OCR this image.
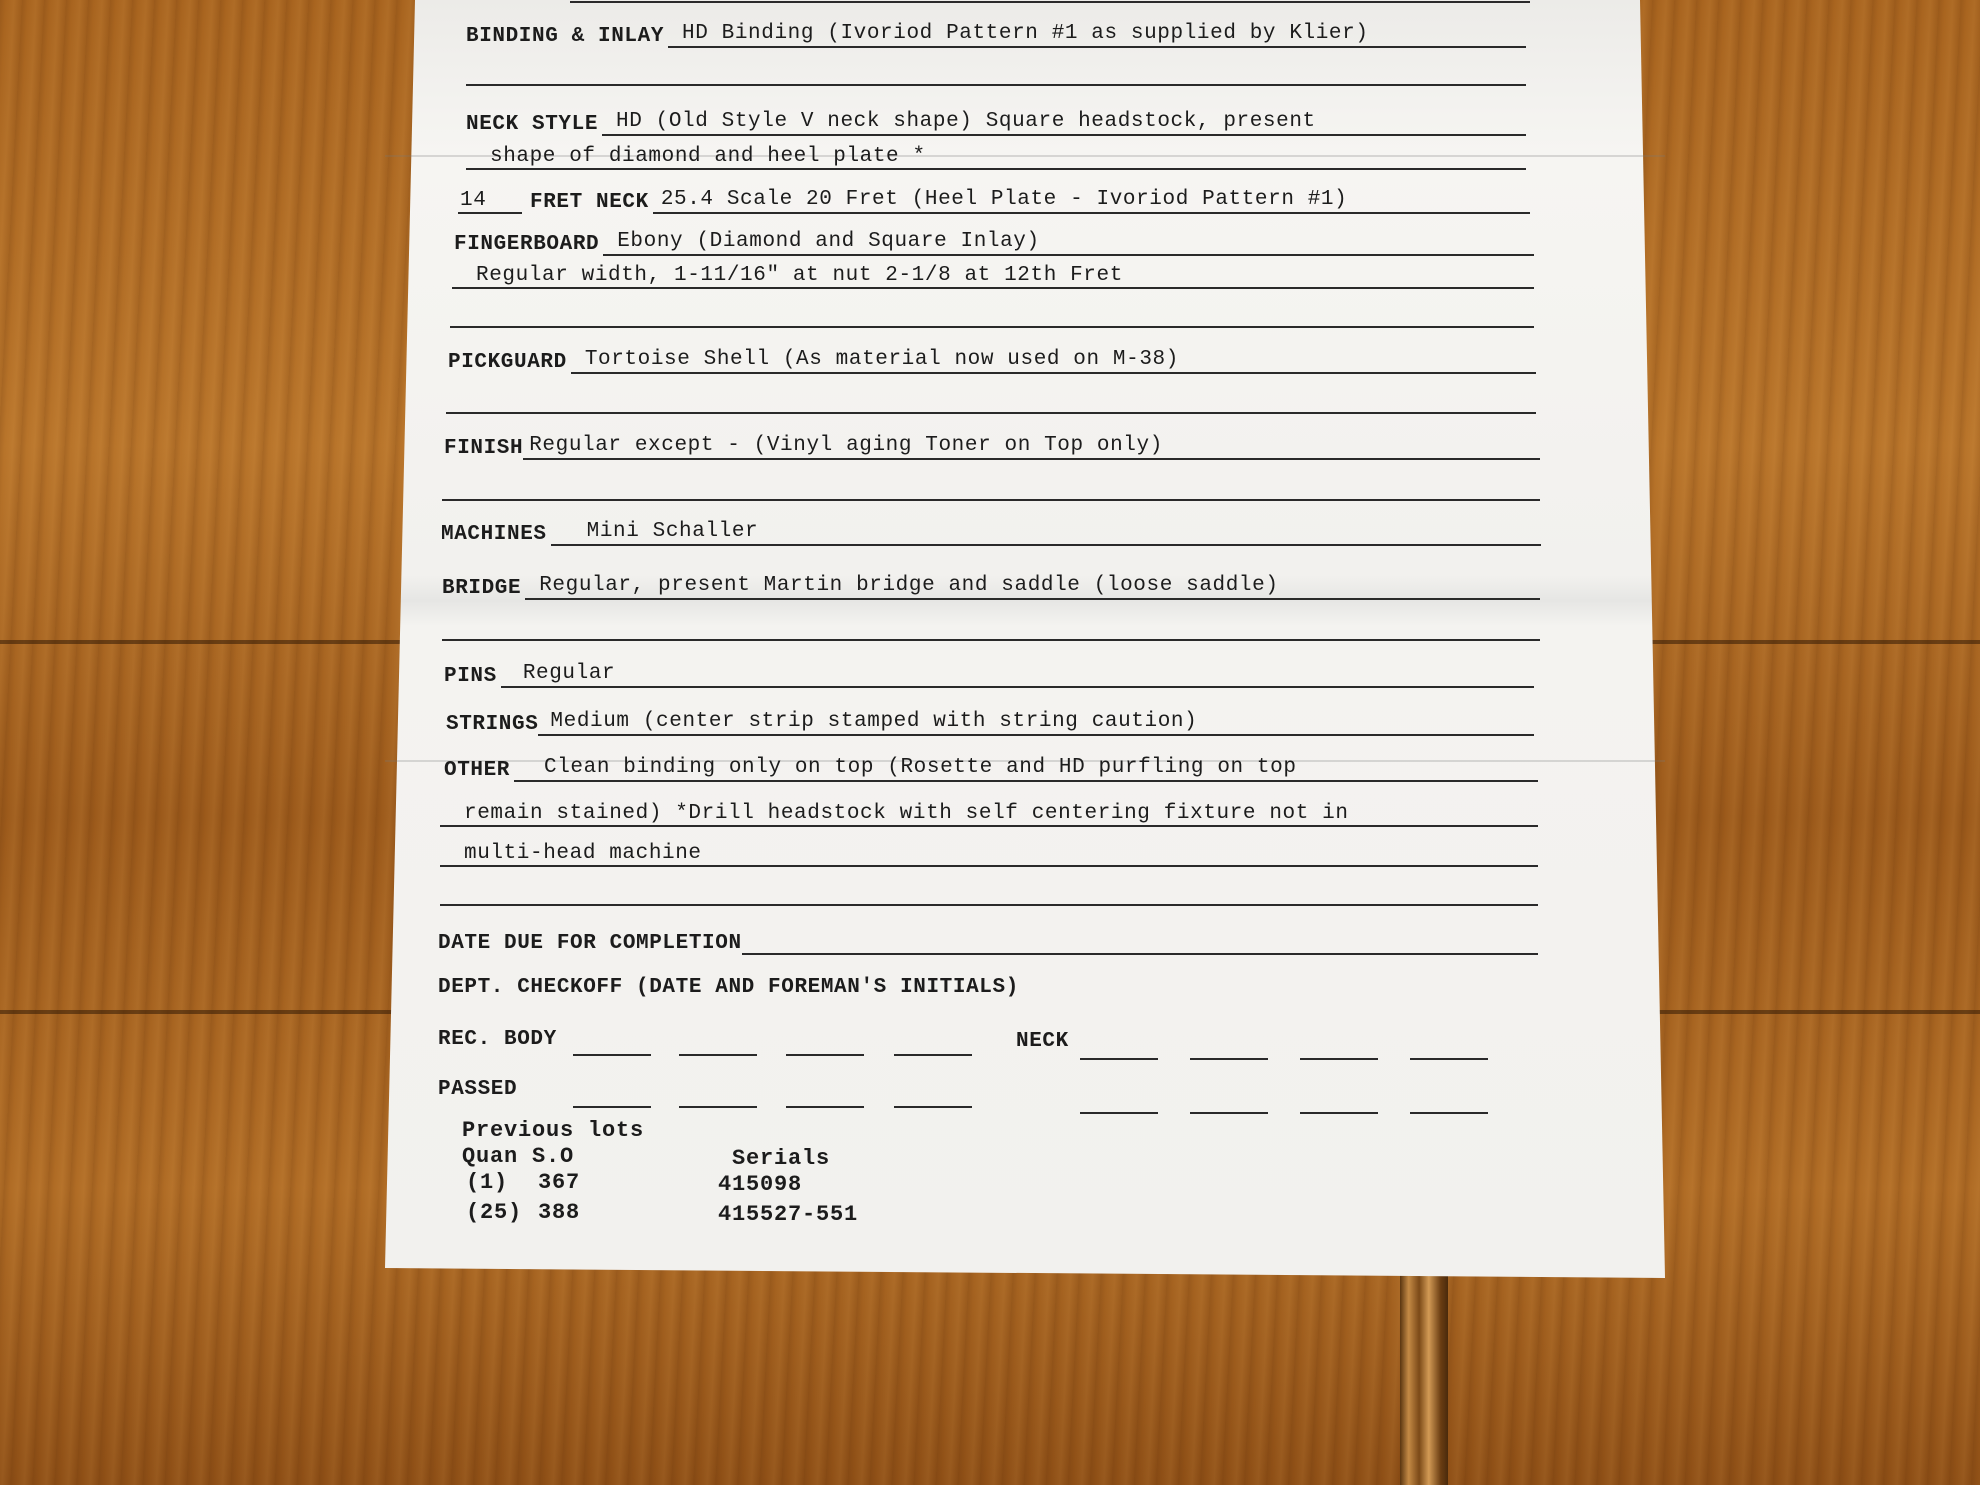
BINDING & INLAY HD Binding (Ivoriod Pattern #1 as supplied by Klier)
NECK STYLE HD (Old Style V neck shape) Square headstock, present
shape of diamond and heel plate *
14	FRET NECK 25.4 Scale 20 Fret (Heel Plate - Ivoriod Pattern #1)
FINGERBOARD Ebony (Diamond and Square Inlay)
Regular width, 1-11/16" at nut 2-1/8 at 12th Fret
PICKGUARD Tortoise Shell (As material now used on M-38)
FINISH Regular except - (Vinyl aging Toner on Top only)
MACHINES	Mini Schaller
BRIDGE Regular, present Martin bridge and saddle (loose saddle)
PINS	Regular
STRINGS Medium (center strip stamped with string caution)
OTHER	Clean binding only on top (Rosette and HD purfling on top
remain stained) *Drill headstock with self centering fixture not in
multi-head machine
DATE DUE FOR COMPLETION
DEPT. CHECKOFF (DATE AND FOREMAN'S INITIALS)
REC. BODY	NECK
PASSED
Previous lots
Quan S.O	Serials
(1) 367	415098
(25) 388	415527-551
